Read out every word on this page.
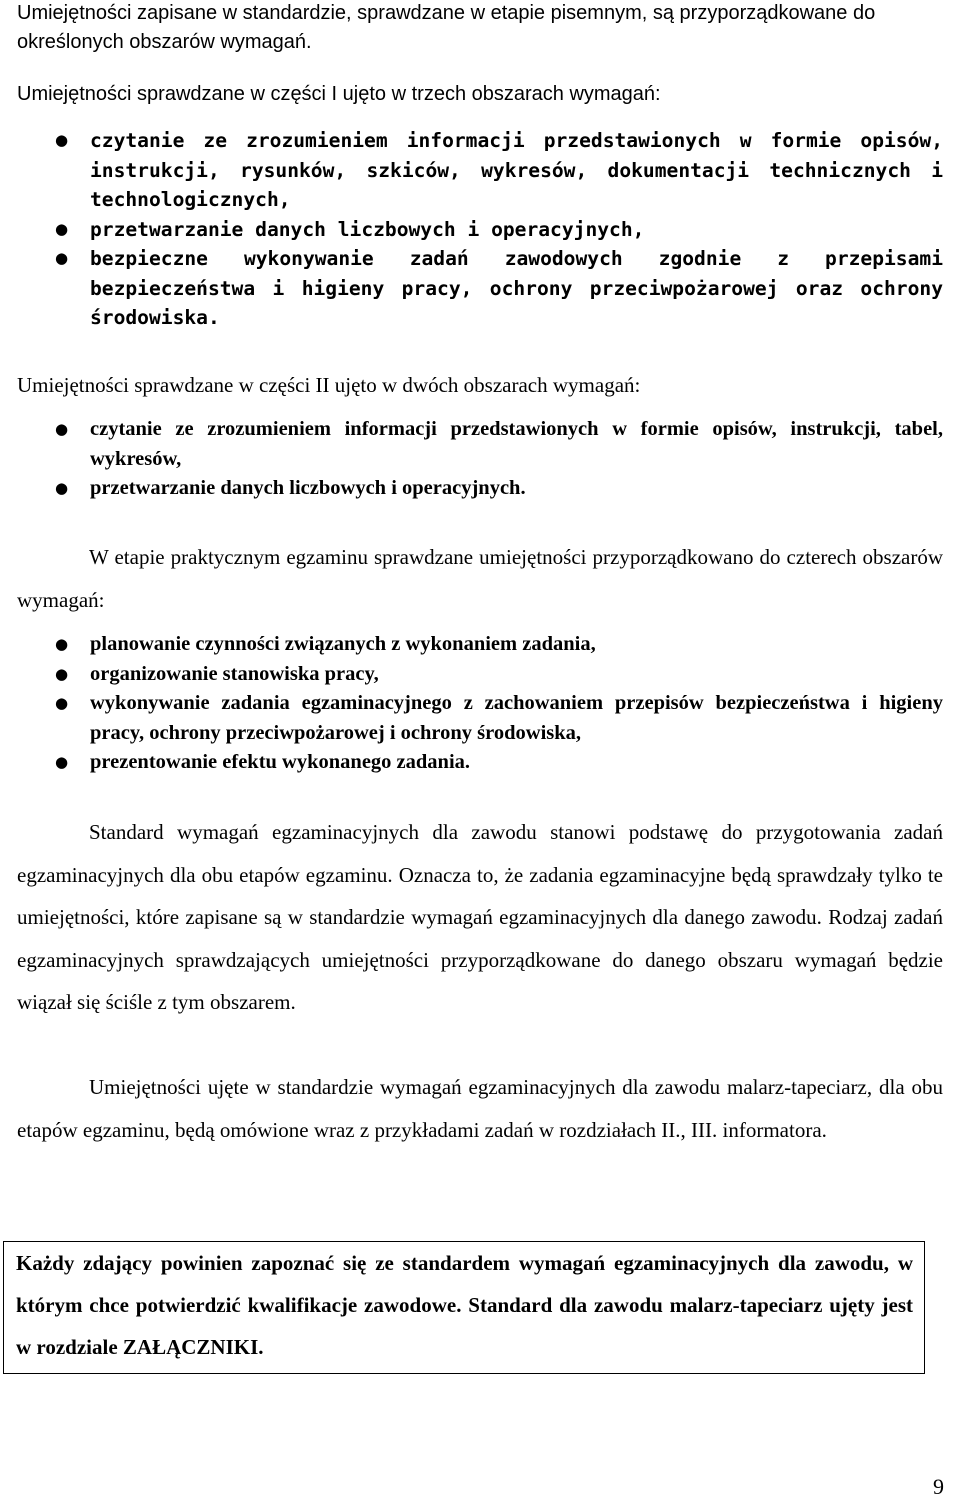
Umiejętności zapisane w standardzie, sprawdzane w etapie pisemnym, są przyporządkowane do określonych obszarów wymagań.

Umiejętności sprawdzane w części I ujęto w trzech obszarach wymagań:

● czytanie ze zrozumieniem informacji przedstawionych w formie opisów, instrukcji, rysunków, szkiców, wykresów, dokumentacji technicznych i technologicznych,
● przetwarzanie danych liczbowych i operacyjnych,
● bezpieczne wykonywanie zadań zawodowych zgodnie z przepisami bezpieczeństwa i higieny pracy, ochrony przeciwpożarowej oraz ochrony środowiska.

Umiejętności sprawdzane w części II ujęto w dwóch obszarach wymagań:

● czytanie ze zrozumieniem informacji przedstawionych w formie opisów, instrukcji, tabel, wykresów,
● przetwarzanie danych liczbowych i operacyjnych.

W etapie praktycznym egzaminu sprawdzane umiejętności przyporządkowano do czterech obszarów wymagań:

● planowanie czynności związanych z wykonaniem zadania,
● organizowanie stanowiska pracy,
● wykonywanie zadania egzaminacyjnego z zachowaniem przepisów bezpieczeństwa i higieny pracy, ochrony przeciwpożarowej i ochrony środowiska,
● prezentowanie efektu wykonanego zadania.

Standard wymagań egzaminacyjnych dla zawodu stanowi podstawę do przygotowania zadań egzaminacyjnych dla obu etapów egzaminu. Oznacza to, że zadania egzaminacyjne będą sprawdzały tylko te umiejętności, które zapisane są w standardzie wymagań egzaminacyjnych dla danego zawodu. Rodzaj zadań egzaminacyjnych sprawdzających umiejętności przyporządkowane do danego obszaru wymagań będzie wiązał się ściśle z tym obszarem.

Umiejętności ujęte w standardzie wymagań egzaminacyjnych dla zawodu malarz-tapeciarz, dla obu etapów egzaminu, będą omówione wraz z przykładami zadań w rozdziałach II., III. informatora.

Każdy zdający powinien zapoznać się ze standardem wymagań egzaminacyjnych dla zawodu, w którym chce potwierdzić kwalifikacje zawodowe. Standard dla zawodu malarz-tapeciarz ujęty jest w rozdziale ZAŁĄCZNIKI.
9
